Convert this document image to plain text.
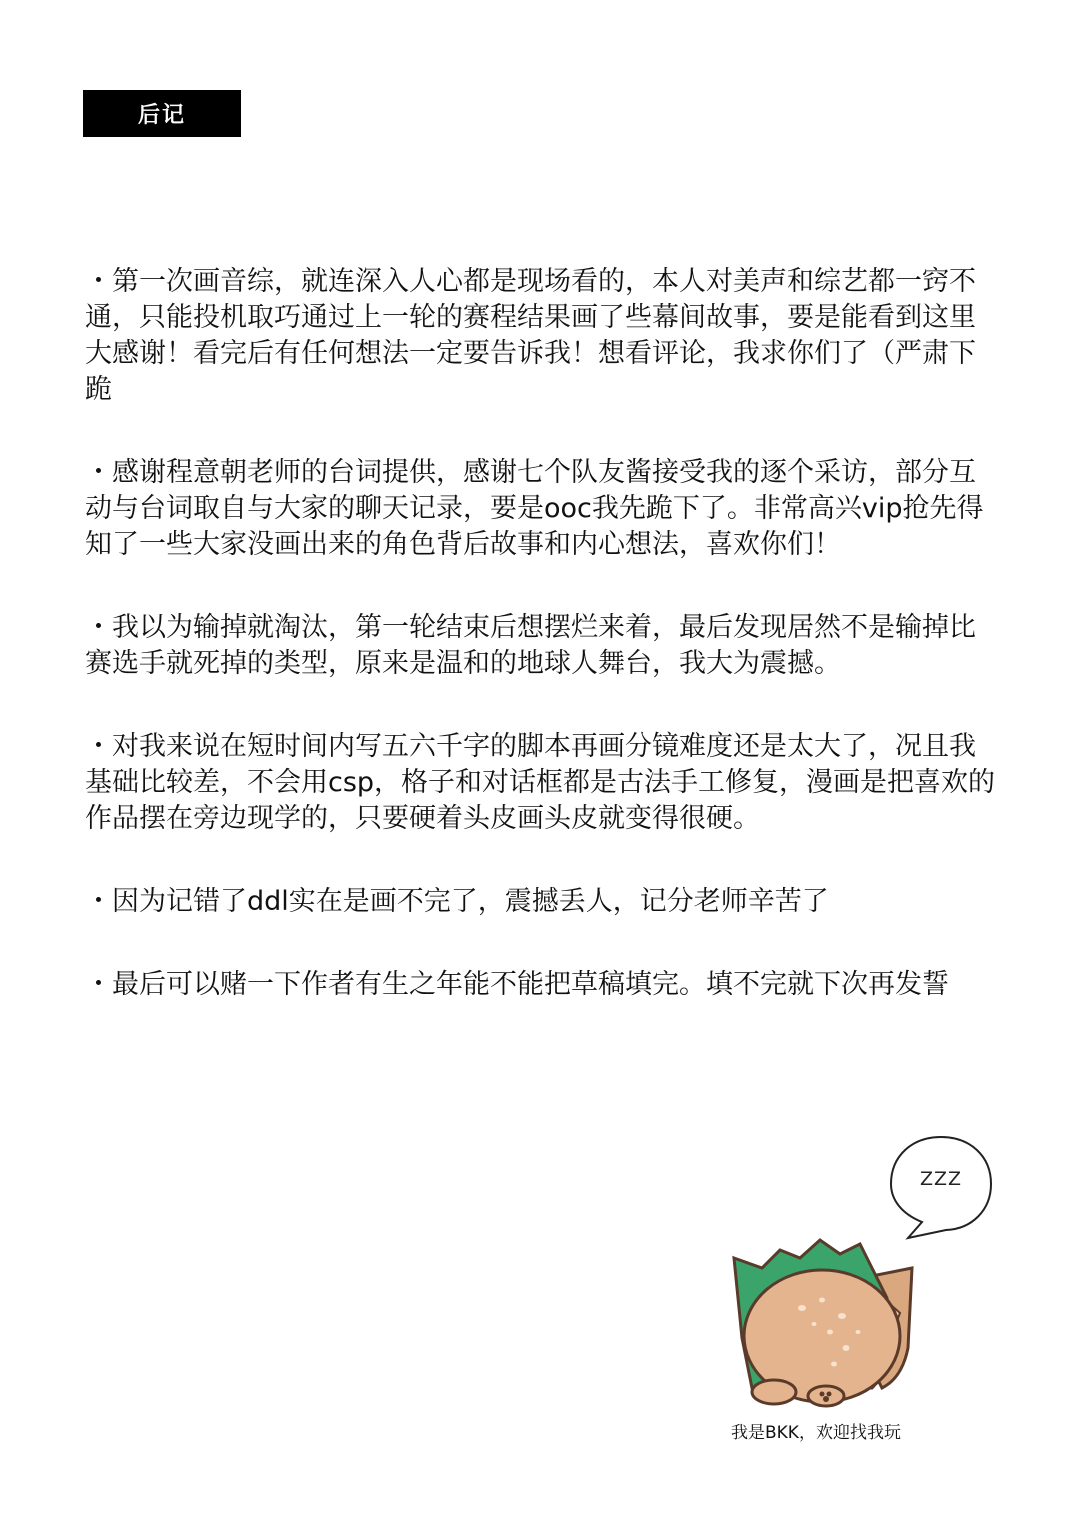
后记

・第一次画音综，就连深入人心都是现场看的，本人对美声和综艺都一窍不通，只能投机取巧通过上一轮的赛程结果画了些幕间故事，要是能看到这里大感谢！看完后有任何想法一定要告诉我！想看评论，我求你们了（严肃下跪

・感谢程意朝老师的台词提供，感谢七个队友酱接受我的逐个采访，部分互动与台词取自与大家的聊天记录，要是ooc我先跪下了。非常高兴vip抢先得知了一些大家没画出来的角色背后故事和内心想法，喜欢你们！

・我以为输掉就淘汰，第一轮结束后想摆烂来着，最后发现居然不是输掉比赛选手就死掉的类型，原来是温和的地球人舞台，我大为震撼。

・对我来说在短时间内写五六千字的脚本再画分镜难度还是太大了，况且我基础比较差，不会用csp，格子和对话框都是古法手工修复，漫画是把喜欢的作品摆在旁边现学的，只要硬着头皮画头皮就变得很硬。

・因为记错了ddl实在是画不完了，震撼丢人，记分老师辛苦了

・最后可以赌一下作者有生之年能不能把草稿填完。填不完就下次再发誓

ZZZ
我是BKK，欢迎找我玩
